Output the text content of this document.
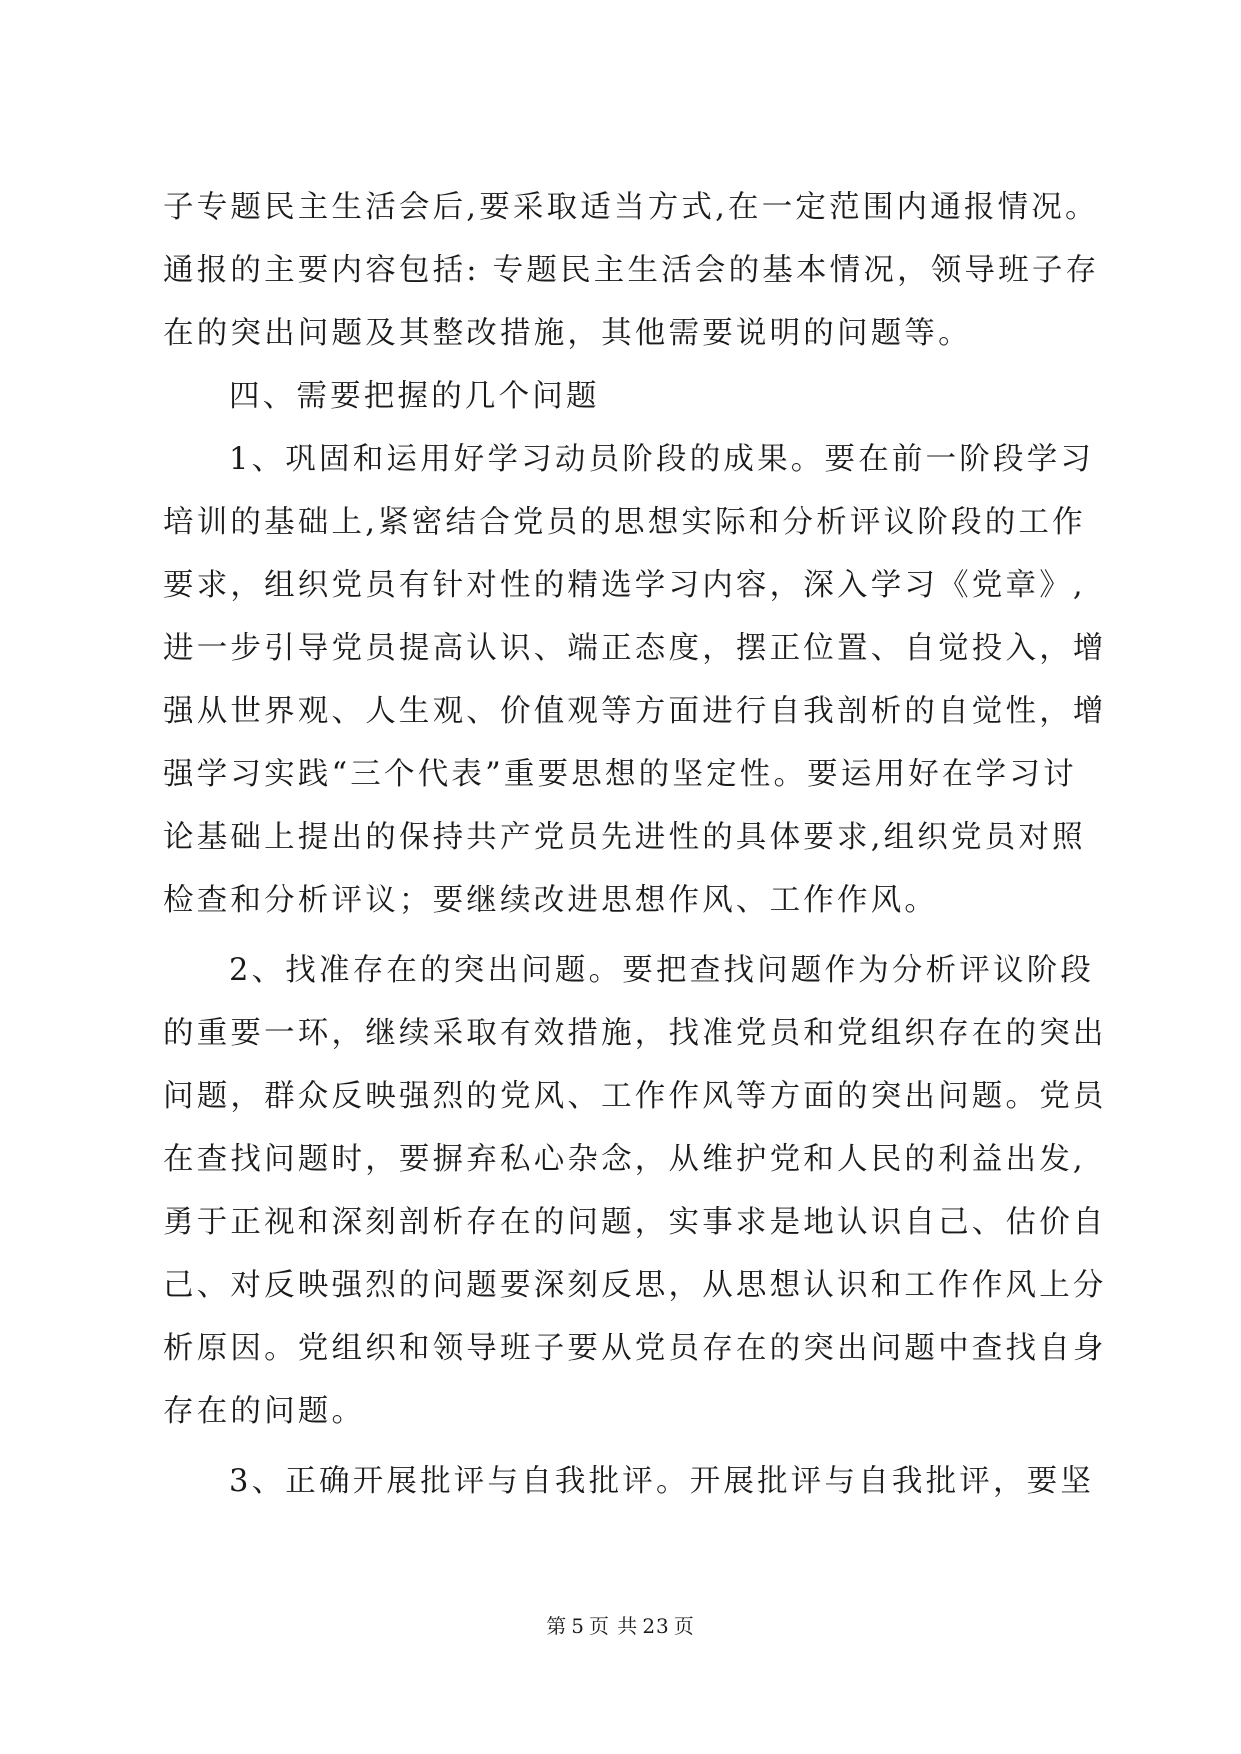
子专题民主生活会后,要采取适当方式,在一定范围内通报情况。
通报的主要内容包括: 专题民主生活会的基本情况，领导班子存
在的突出问题及其整改措施，其他需要说明的问题等。
四、需要把握的几个问题
1、巩固和运用好学习动员阶段的成果。要在前一阶段学习
培训的基础上,紧密结合党员的思想实际和分析评议阶段的工作
要求，组织党员有针对性的精选学习内容，深入学习《党章》,
进一步引导党员提高认识、端正态度，摆正位置、自觉投入，增
强从世界观、人生观、价值观等方面进行自我剖析的自觉性，增
强学习实践“三个代表”重要思想的坚定性。要运用好在学习讨
论基础上提出的保持共产党员先进性的具体要求,组织党员对照
检查和分析评议；要继续改进思想作风、工作作风。
2、找准存在的突出问题。要把查找问题作为分析评议阶段
的重要一环，继续采取有效措施，找准党员和党组织存在的突出
问题，群众反映强烈的党风、工作作风等方面的突出问题。党员
在查找问题时，要摒弃私心杂念，从维护党和人民的利益出发,
勇于正视和深刻剖析存在的问题，实事求是地认识自己、估价自
己、对反映强烈的问题要深刻反思，从思想认识和工作作风上分
析原因。党组织和领导班子要从党员存在的突出问题中查找自身
存在的问题。
3、正确开展批评与自我批评。开展批评与自我批评，要坚
第 5 页 共 23 页
